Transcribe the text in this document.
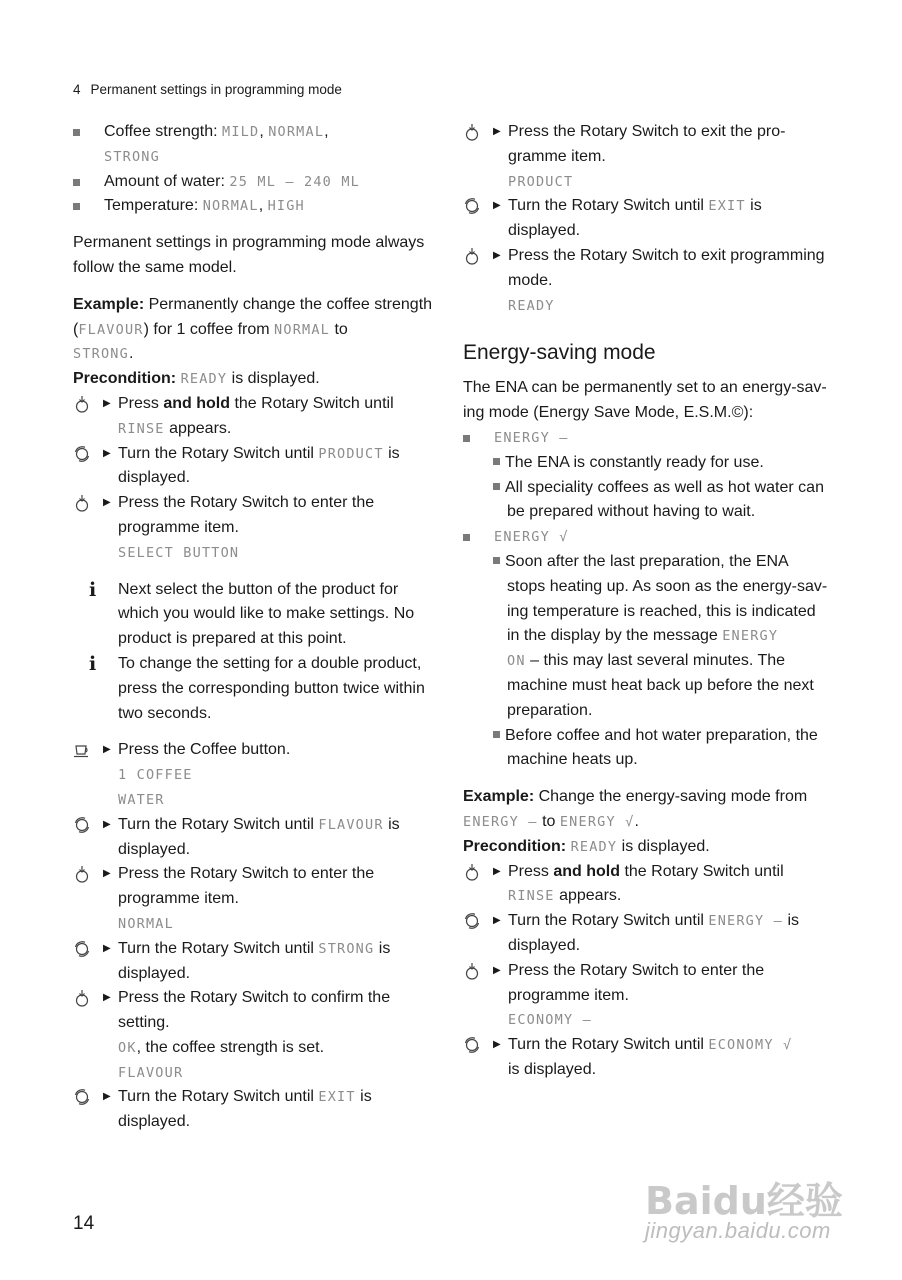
4 Permanent settings in programming mode
Coffee strength: MILD, NORMAL,
STRONG
Amount of water: 25 ML – 240 ML
Temperature: NORMAL, HIGH
Permanent settings in programming mode always
follow the same model.
Example: Permanently change the coffee strength
(FLAVOUR) for 1 coffee from NORMAL to
STRONG.
Precondition: READY is displayed.
▶ Press and hold the Rotary Switch until
RINSE appears.
▶ Turn the Rotary Switch until PRODUCT is
displayed.
▶ Press the Rotary Switch to enter the
programme item.
SELECT BUTTON
i Next select the button of the product for
which you would like to make settings. No
product is prepared at this point.
i To change the setting for a double product,
press the corresponding button twice within
two seconds.
▶ Press the Coffee button.
1 COFFEE
WATER
▶ Turn the Rotary Switch until FLAVOUR is
displayed.
▶ Press the Rotary Switch to enter the
programme item.
NORMAL
▶ Turn the Rotary Switch until STRONG is
displayed.
▶ Press the Rotary Switch to confirm the
setting.
OK, the coffee strength is set.
FLAVOUR
▶ Turn the Rotary Switch until EXIT is
displayed.
▶ Press the Rotary Switch to exit the pro-
gramme item.
PRODUCT
▶ Turn the Rotary Switch until EXIT is
displayed.
▶ Press the Rotary Switch to exit programming
mode.
READY
Energy-saving mode
The ENA can be permanently set to an energy-sav-
ing mode (Energy Save Mode, E.S.M.©):
ENERGY –
The ENA is constantly ready for use.
All speciality coffees as well as hot water can
be prepared without having to wait.
ENERGY √
Soon after the last preparation, the ENA
stops heating up. As soon as the energy-sav-
ing temperature is reached, this is indicated
in the display by the message ENERGY
ON – this may last several minutes. The
machine must heat back up before the next
preparation.
Before coffee and hot water preparation, the
machine heats up.
Example: Change the energy-saving mode from
ENERGY – to ENERGY √.
Precondition: READY is displayed.
▶ Press and hold the Rotary Switch until
RINSE appears.
▶ Turn the Rotary Switch until ENERGY – is
displayed.
▶ Press the Rotary Switch to enter the
programme item.
ECONOMY –
▶ Turn the Rotary Switch until ECONOMY √
is displayed.
14
Baidu经验
jingyan.baidu.com
